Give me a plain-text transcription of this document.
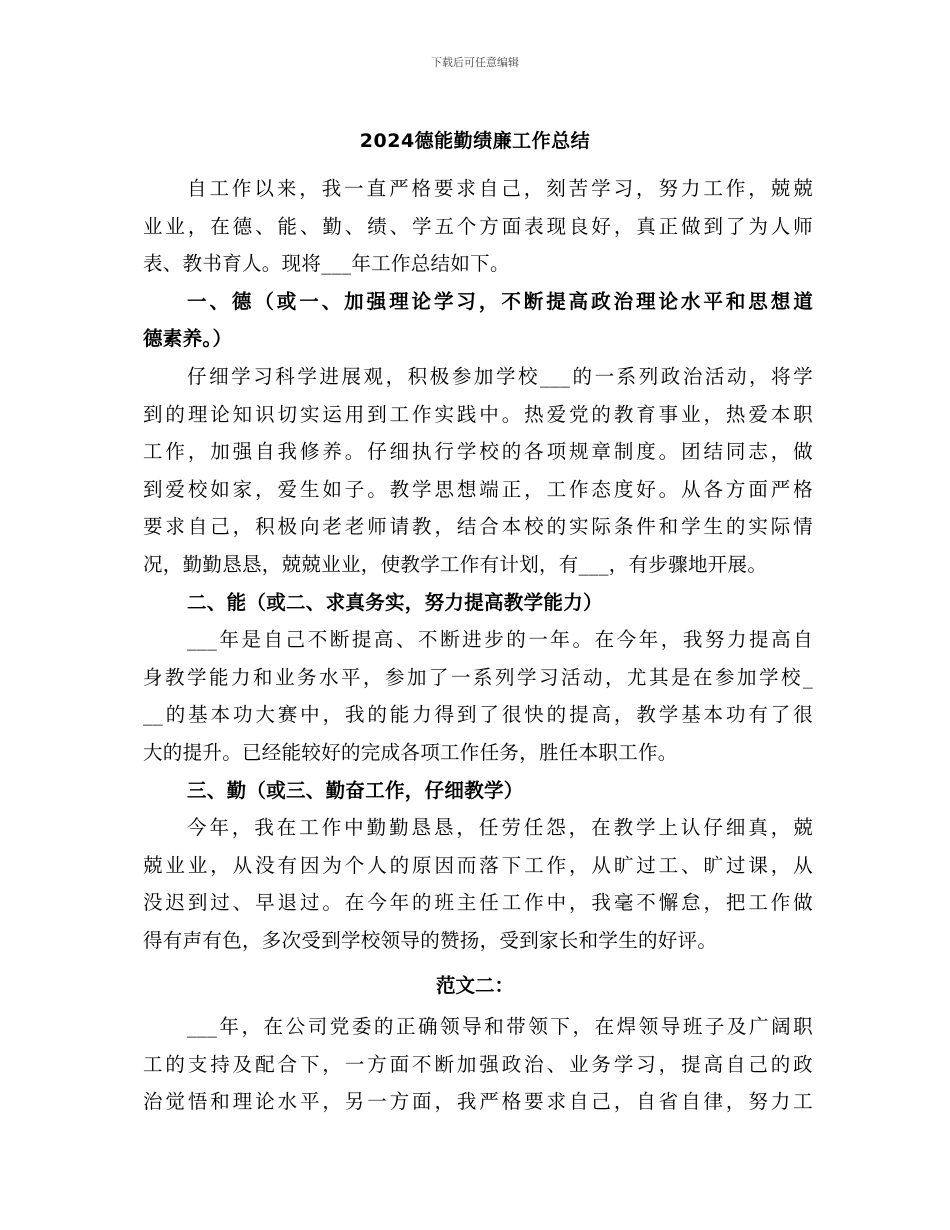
下载后可任意编辑
2024德能勤绩廉工作总结
自工作以来，我一直严格要求自己，刻苦学习，努力工作，兢兢
业业，在德、能、勤、绩、学五个方面表现良好，真正做到了为人师
表、教书育人。现将___年工作总结如下。
一、德（或一、加强理论学习，不断提高政治理论水平和思想道
德素养。）
仔细学习科学进展观，积极参加学校___的一系列政治活动，将学
到的理论知识切实运用到工作实践中。热爱党的教育事业，热爱本职
工作，加强自我修养。仔细执行学校的各项规章制度。团结同志，做
到爱校如家，爱生如子。教学思想端正，工作态度好。从各方面严格
要求自己，积极向老老师请教，结合本校的实际条件和学生的实际情
况，勤勤恳恳，兢兢业业，使教学工作有计划，有___，有步骤地开展。
二、能（或二、求真务实，努力提高教学能力）
___年是自己不断提高、不断进步的一年。在今年，我努力提高自
身教学能力和业务水平，参加了一系列学习活动，尤其是在参加学校_
__的基本功大赛中，我的能力得到了很快的提高，教学基本功有了很
大的提升。已经能较好的完成各项工作任务，胜任本职工作。
三、勤（或三、勤奋工作，仔细教学）
今年，我在工作中勤勤恳恳，任劳任怨，在教学上认仔细真，兢
兢业业，从没有因为个人的原因而落下工作，从旷过工、旷过课，从
没迟到过、早退过。在今年的班主任工作中，我毫不懈怠，把工作做
得有声有色，多次受到学校领导的赞扬，受到家长和学生的好评。
范文二：
___年，在公司党委的正确领导和带领下，在焊领导班子及广阔职
工的支持及配合下，一方面不断加强政治、业务学习，提高自己的政
治觉悟和理论水平，另一方面，我严格要求自己，自省自律，努力工
